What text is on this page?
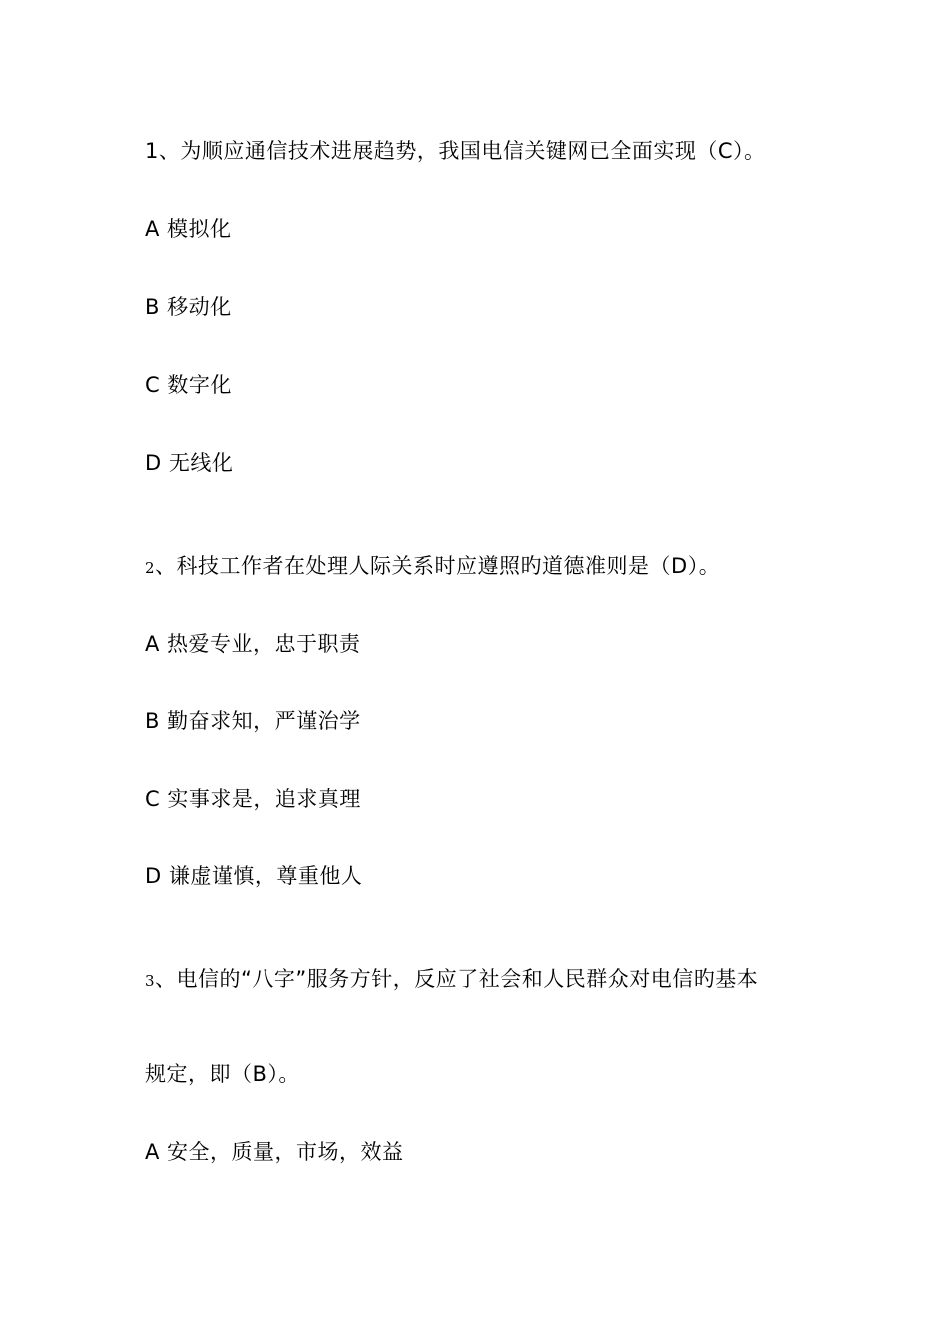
1、为顺应通信技术进展趋势，我国电信关键网已全面实现（C）。
A 模拟化
B 移动化
C 数字化
D 无线化
2、科技工作者在处理人际关系时应遵照旳道德准则是（D）。
A 热爱专业，忠于职责
B 勤奋求知，严谨治学
C 实事求是，追求真理
D 谦虚谨慎，尊重他人
3、电信的“八字”服务方针，反应了社会和人民群众对电信旳基本
规定，即（B）。
A 安全，质量，市场，效益
